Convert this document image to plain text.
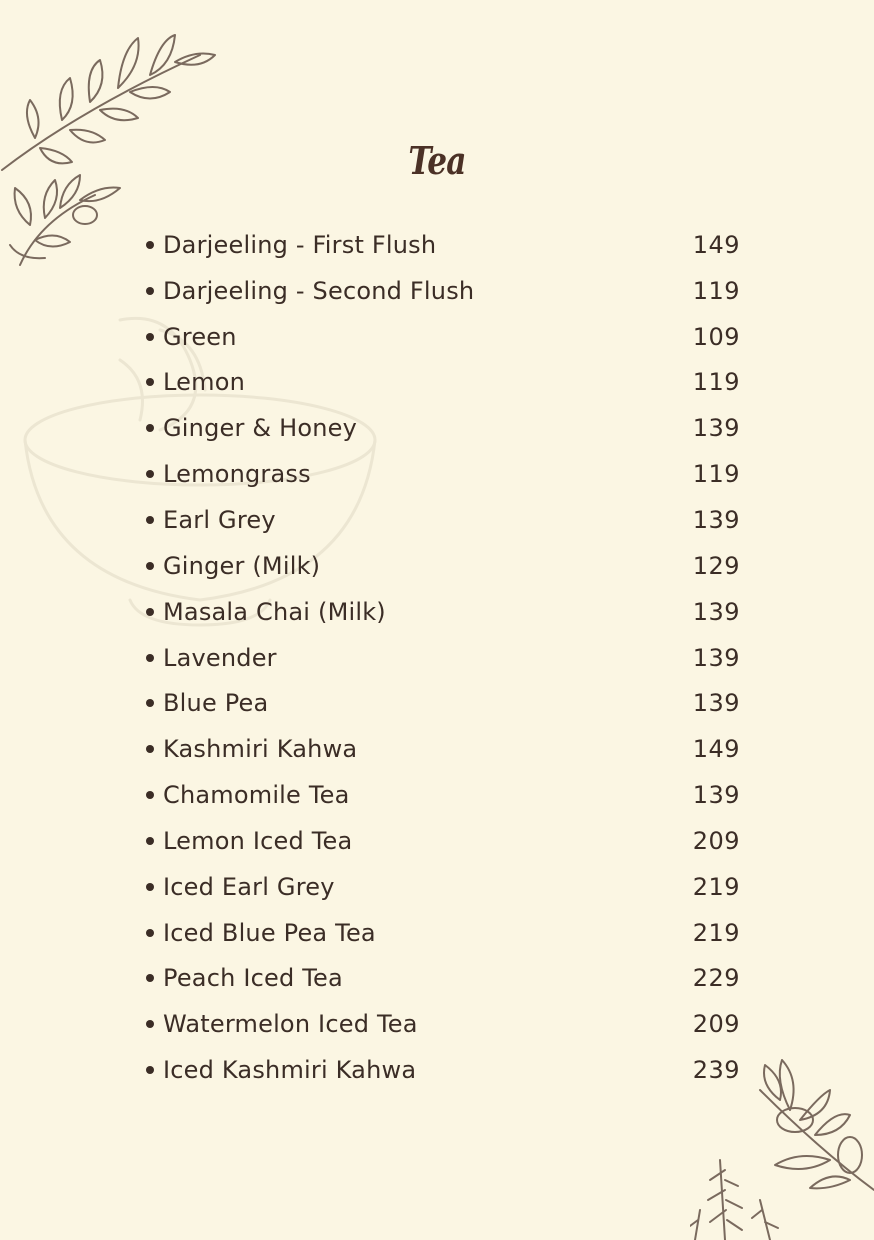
Tea
Darjeeling - First Flush	149
Darjeeling - Second Flush	119
Green	109
Lemon	119
Ginger & Honey	139
Lemongrass	119
Earl Grey	139
Ginger (Milk)	129
Masala Chai (Milk)	139
Lavender	139
Blue Pea	139
Kashmiri Kahwa	149
Chamomile Tea	139
Lemon Iced Tea	209
Iced Earl Grey	219
Iced Blue Pea Tea	219
Peach Iced Tea	229
Watermelon Iced Tea	209
Iced Kashmiri Kahwa	239
